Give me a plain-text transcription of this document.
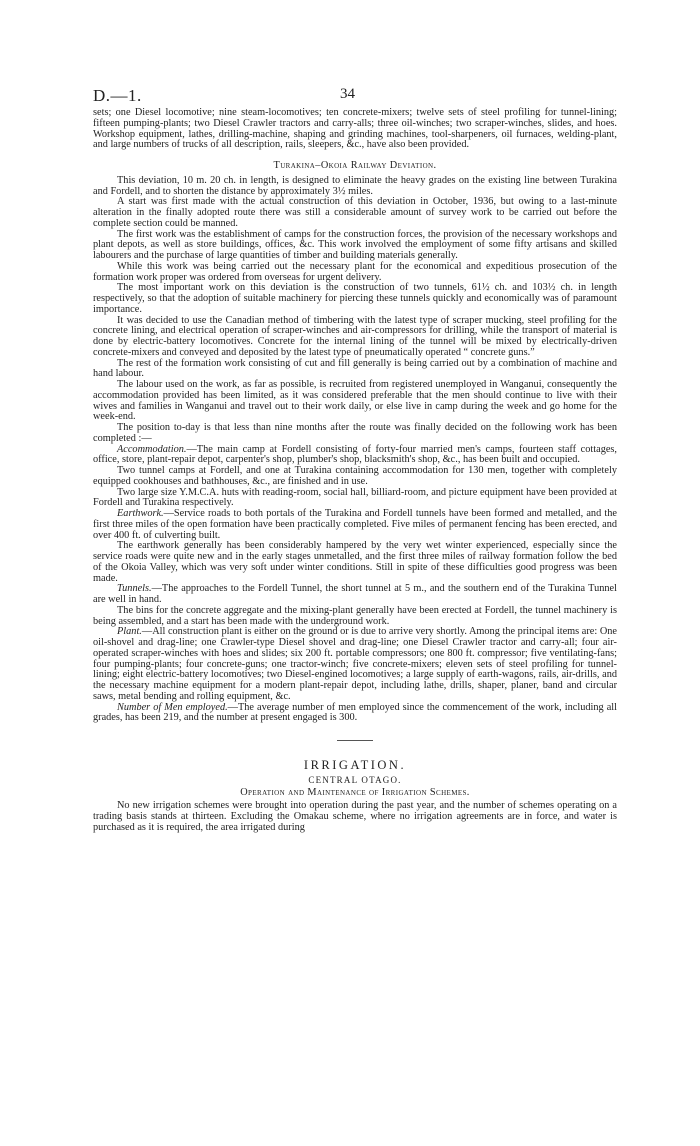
D.—1.	34

sets; one Diesel locomotive; nine steam-locomotives; ten concrete-mixers; twelve sets of steel profiling for tunnel-lining; fifteen pumping-plants; two Diesel Crawler tractors and carry-alls; three oil-winches; two scraper-winches, slides, and hoes. Workshop equipment, lathes, drilling-machine, shaping and grinding machines, tool-sharpeners, oil furnaces, welding-plant, and large numbers of trucks of all description, rails, sleepers, &c., have also been provided.

Turakina–Okoia Railway Deviation.

This deviation, 10 m. 20 ch. in length, is designed to eliminate the heavy grades on the existing line between Turakina and Fordell, and to shorten the distance by approximately 3½ miles.

A start was first made with the actual construction of this deviation in October, 1936, but owing to a last-minute alteration in the finally adopted route there was still a considerable amount of survey work to be carried out before the complete section could be manned.

The first work was the establishment of camps for the construction forces, the provision of the necessary workshops and plant depots, as well as store buildings, offices, &c. This work involved the employment of some fifty artisans and skilled labourers and the purchase of large quantities of timber and building materials generally.

While this work was being carried out the necessary plant for the economical and expeditious prosecution of the formation work proper was ordered from overseas for urgent delivery.

The most important work on this deviation is the construction of two tunnels, 61½ ch. and 103½ ch. in length respectively, so that the adoption of suitable machinery for piercing these tunnels quickly and economically was of paramount importance.

It was decided to use the Canadian method of timbering with the latest type of scraper mucking, steel profiling for the concrete lining, and electrical operation of scraper-winches and air-compressors for drilling, while the transport of material is done by electric-battery locomotives. Concrete for the internal lining of the tunnel will be mixed by electrically-driven concrete-mixers and conveyed and deposited by the latest type of pneumatically operated “ concrete guns.”

The rest of the formation work consisting of cut and fill generally is being carried out by a combination of machine and hand labour.

The labour used on the work, as far as possible, is recruited from registered unemployed in Wanganui, consequently the accommodation provided has been limited, as it was considered preferable that the men should continue to live with their wives and families in Wanganui and travel out to their work daily, or else live in camp during the week and go home for the week-end.

The position to-day is that less than nine months after the route was finally decided on the following work has been completed :—

Accommodation.—The main camp at Fordell consisting of forty-four married men's camps, fourteen staff cottages, office, store, plant-repair depot, carpenter's shop, plumber's shop, blacksmith's shop, &c., has been built and occupied.

Two tunnel camps at Fordell, and one at Turakina containing accommodation for 130 men, together with completely equipped cookhouses and bathhouses, &c., are finished and in use.

Two large size Y.M.C.A. huts with reading-room, social hall, billiard-room, and picture equipment have been provided at Fordell and Turakina respectively.

Earthwork.—Service roads to both portals of the Turakina and Fordell tunnels have been formed and metalled, and the first three miles of the open formation have been practically completed. Five miles of permanent fencing has been erected, and over 400 ft. of culverting built.

The earthwork generally has been considerably hampered by the very wet winter experienced, especially since the service roads were quite new and in the early stages unmetalled, and the first three miles of railway formation follow the bed of the Okoia Valley, which was very soft under winter conditions. Still in spite of these difficulties good progress was been made.

Tunnels.—The approaches to the Fordell Tunnel, the short tunnel at 5 m., and the southern end of the Turakina Tunnel are well in hand.

The bins for the concrete aggregate and the mixing-plant generally have been erected at Fordell, the tunnel machinery is being assembled, and a start has been made with the underground work.

Plant.—All construction plant is either on the ground or is due to arrive very shortly. Among the principal items are: One oil-shovel and drag-line; one Crawler-type Diesel shovel and drag-line; one Diesel Crawler tractor and carry-all; four air-operated scraper-winches with hoes and slides; six 200 ft. portable compressors; one 800 ft. compressor; five ventilating-fans; four pumping-plants; four concrete-guns; one tractor-winch; five concrete-mixers; eleven sets of steel profiling for tunnel-lining; eight electric-battery locomotives; two Diesel-engined locomotives; a large supply of earth-wagons, rails, air-drills, and the necessary machine equipment for a modern plant-repair depot, including lathe, drills, shaper, planer, band and circular saws, metal bending and rolling equipment, &c.

Number of Men employed.—The average number of men employed since the commencement of the work, including all grades, has been 219, and the number at present engaged is 300.

IRRIGATION.

CENTRAL OTAGO.

Operation and Maintenance of Irrigation Schemes.

No new irrigation schemes were brought into operation during the past year, and the number of schemes operating on a trading basis stands at thirteen. Excluding the Omakau scheme, where no irrigation agreements are in force, and water is purchased as it is required, the area irrigated during
